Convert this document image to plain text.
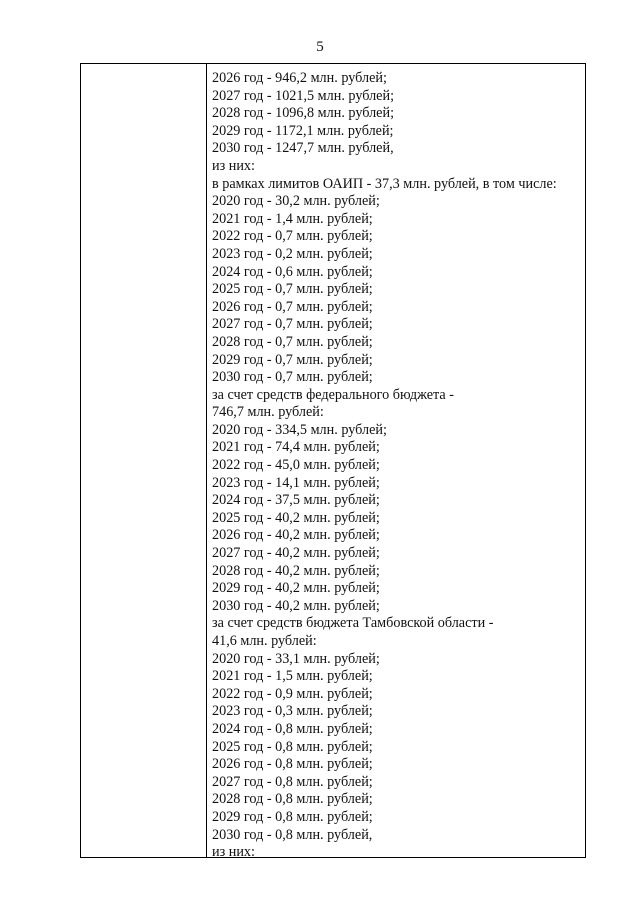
5
2026 год - 946,2 млн. рублей;
2027 год - 1021,5 млн. рублей;
2028 год - 1096,8 млн. рублей;
2029 год - 1172,1 млн. рублей;
2030 год - 1247,7 млн. рублей,
из них:
в рамках лимитов ОАИП - 37,3 млн. рублей, в том числе:
2020 год - 30,2 млн. рублей;
2021 год - 1,4 млн. рублей;
2022 год - 0,7 млн. рублей;
2023 год - 0,2 млн. рублей;
2024 год - 0,6 млн. рублей;
2025 год - 0,7 млн. рублей;
2026 год - 0,7 млн. рублей;
2027 год - 0,7 млн. рублей;
2028 год - 0,7 млн. рублей;
2029 год - 0,7 млн. рублей;
2030 год - 0,7 млн. рублей;
за счет средств федерального бюджета -
746,7 млн. рублей:
2020 год - 334,5 млн. рублей;
2021 год - 74,4 млн. рублей;
2022 год - 45,0 млн. рублей;
2023 год - 14,1 млн. рублей;
2024 год - 37,5 млн. рублей;
2025 год - 40,2 млн. рублей;
2026 год - 40,2 млн. рублей;
2027 год - 40,2 млн. рублей;
2028 год - 40,2 млн. рублей;
2029 год - 40,2 млн. рублей;
2030 год - 40,2 млн. рублей;
за счет средств бюджета Тамбовской области -
41,6 млн. рублей:
2020 год - 33,1 млн. рублей;
2021 год - 1,5 млн. рублей;
2022 год - 0,9 млн. рублей;
2023 год - 0,3 млн. рублей;
2024 год - 0,8 млн. рублей;
2025 год - 0,8 млн. рублей;
2026 год - 0,8 млн. рублей;
2027 год - 0,8 млн. рублей;
2028 год - 0,8 млн. рублей;
2029 год - 0,8 млн. рублей;
2030 год - 0,8 млн. рублей,
из них:
